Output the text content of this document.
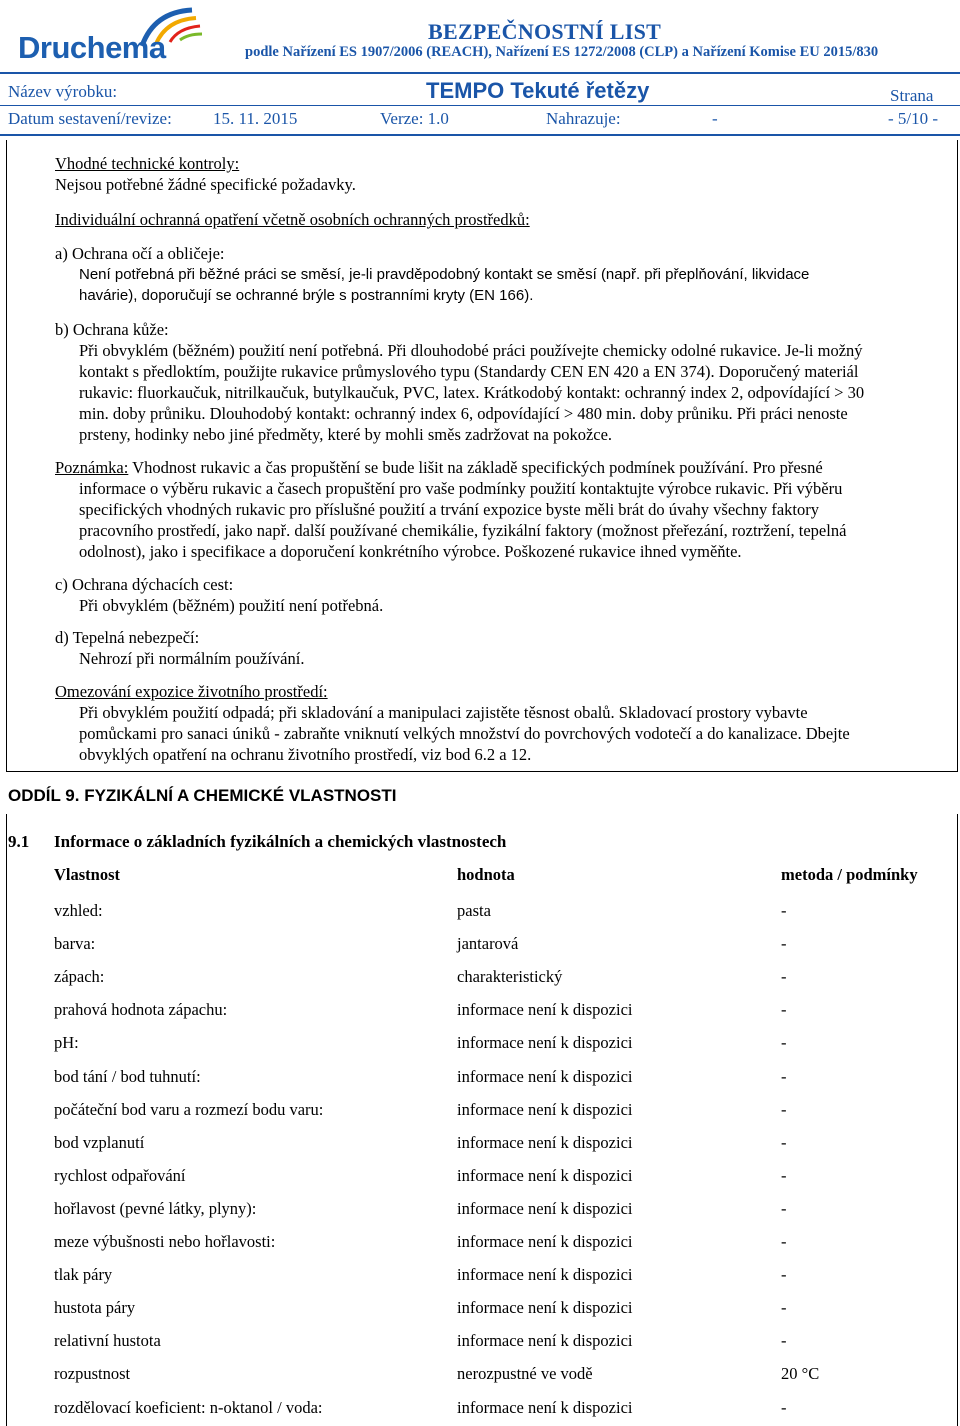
Druchema	BEZPEČNOSTNÍ LIST
podle Nařízení ES 1907/2006 (REACH), Nařízení ES 1272/2008 (CLP) a Nařízení Komise EU 2015/830
Název výrobku:	TEMPO Tekuté řetězy	Strana
Datum sestavení/revize: 15. 11. 2015	Verze: 1.0	Nahrazuje:	-	- 5/10 -
Vhodné technické kontroly:
Nejsou potřebné žádné specifické požadavky.
Individuální ochranná opatření včetně osobních ochranných prostředků:
a) Ochrana očí a obličeje:
Není potřebná při běžné práci se směsí, je-li pravděpodobný kontakt se směsí (např. při přeplňování, likvidace
havárie), doporučují se ochranné brýle s postranními kryty (EN 166).
b) Ochrana kůže:
Při obvyklém (běžném) použití není potřebná. Při dlouhodobé práci používejte chemicky odolné rukavice. Je-li možný
kontakt s předloktím, použijte rukavice průmyslového typu (Standardy CEN EN 420 a EN 374). Doporučený materiál
rukavic: fluorkaučuk, nitrilkaučuk, butylkaučuk, PVC, latex. Krátkodobý kontakt: ochranný index 2, odpovídající > 30
min. doby průniku. Dlouhodobý kontakt: ochranný index 6, odpovídající > 480 min. doby průniku. Při práci nenoste
prsteny, hodinky nebo jiné předměty, které by mohli směs zadržovat na pokožce.
Poznámka: Vhodnost rukavic a čas propuštění se bude lišit na základě specifických podmínek používání. Pro přesné
informace o výběru rukavic a časech propuštění pro vaše podmínky použití kontaktujte výrobce rukavic. Při výběru
specifických vhodných rukavic pro příslušné použití a trvání expozice byste měli brát do úvahy všechny faktory
pracovního prostředí, jako např. další používané chemikálie, fyzikální faktory (možnost přeřezání, roztržení, tepelná
odolnost), jako i specifikace a doporučení konkrétního výrobce. Poškozené rukavice ihned vyměňte.
c) Ochrana dýchacích cest:
Při obvyklém (běžném) použití není potřebná.
d) Tepelná nebezpečí:
Nehrozí při normálním používání.
Omezování expozice životního prostředí:
Při obvyklém použití odpadá; při skladování a manipulaci zajistěte těsnost obalů. Skladovací prostory vybavte
pomůckami pro sanaci úniků - zabraňte vniknutí velkých množství do povrchových vodotečí a do kanalizace. Dbejte
obvyklých opatření na ochranu životního prostředí, viz bod 6.2 a 12.
ODDÍL 9. FYZIKÁLNÍ A CHEMICKÉ VLASTNOSTI
9.1 Informace o základních fyzikálních a chemických vlastnostech
Vlastnost	hodnota	metoda / podmínky
vzhled:	pasta	-
barva:	jantarová	-
zápach:	charakteristický	-
prahová hodnota zápachu:	informace není k dispozici	-
pH:	informace není k dispozici	-
bod tání / bod tuhnutí:	informace není k dispozici	-
počáteční bod varu a rozmezí bodu varu:	informace není k dispozici	-
bod vzplanutí	informace není k dispozici	-
rychlost odpařování	informace není k dispozici	-
hořlavost (pevné látky, plyny):	informace není k dispozici	-
meze výbušnosti nebo hořlavosti:	informace není k dispozici	-
tlak páry	informace není k dispozici	-
hustota páry	informace není k dispozici	-
relativní hustota	informace není k dispozici	-
rozpustnost	nerozpustné ve vodě	20 °C
rozdělovací koeficient: n-oktanol / voda:	informace není k dispozici	-
